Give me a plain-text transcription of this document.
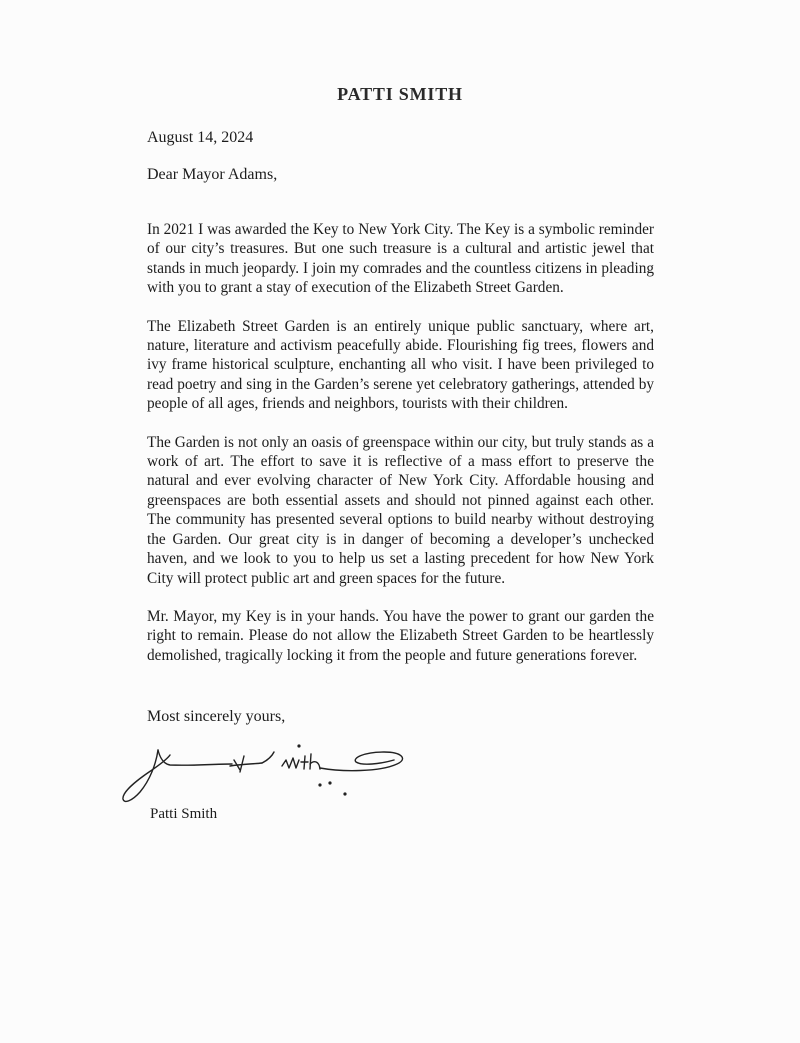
PATTI SMITH
August 14, 2024
Dear Mayor Adams,

In 2021 I was awarded the Key to New York City. The Key is a symbolic reminder of our city’s treasures. But one such treasure is a cultural and artistic jewel that stands in much jeopardy. I join my comrades and the countless citizens in pleading with you to grant a stay of execution of the Elizabeth Street Garden.

The Elizabeth Street Garden is an entirely unique public sanctuary, where art, nature, literature and activism peacefully abide. Flourishing fig trees, flowers and ivy frame historical sculpture, enchanting all who visit. I have been privileged to read poetry and sing in the Garden’s serene yet celebratory gatherings, attended by people of all ages, friends and neighbors, tourists with their children.

The Garden is not only an oasis of greenspace within our city, but truly stands as a work of art. The effort to save it is reflective of a mass effort to preserve the natural and ever evolving character of New York City. Affordable housing and greenspaces are both essential assets and should not pinned against each other. The community has presented several options to build nearby without destroying the Garden. Our great city is in danger of becoming a developer’s unchecked haven, and we look to you to help us set a lasting precedent for how New York City will protect public art and green spaces for the future.

Mr. Mayor, my Key is in your hands. You have the power to grant our garden the right to remain. Please do not allow the Elizabeth Street Garden to be heartlessly demolished, tragically locking it from the people and future generations forever.

Most sincerely yours,
Patti Smith
